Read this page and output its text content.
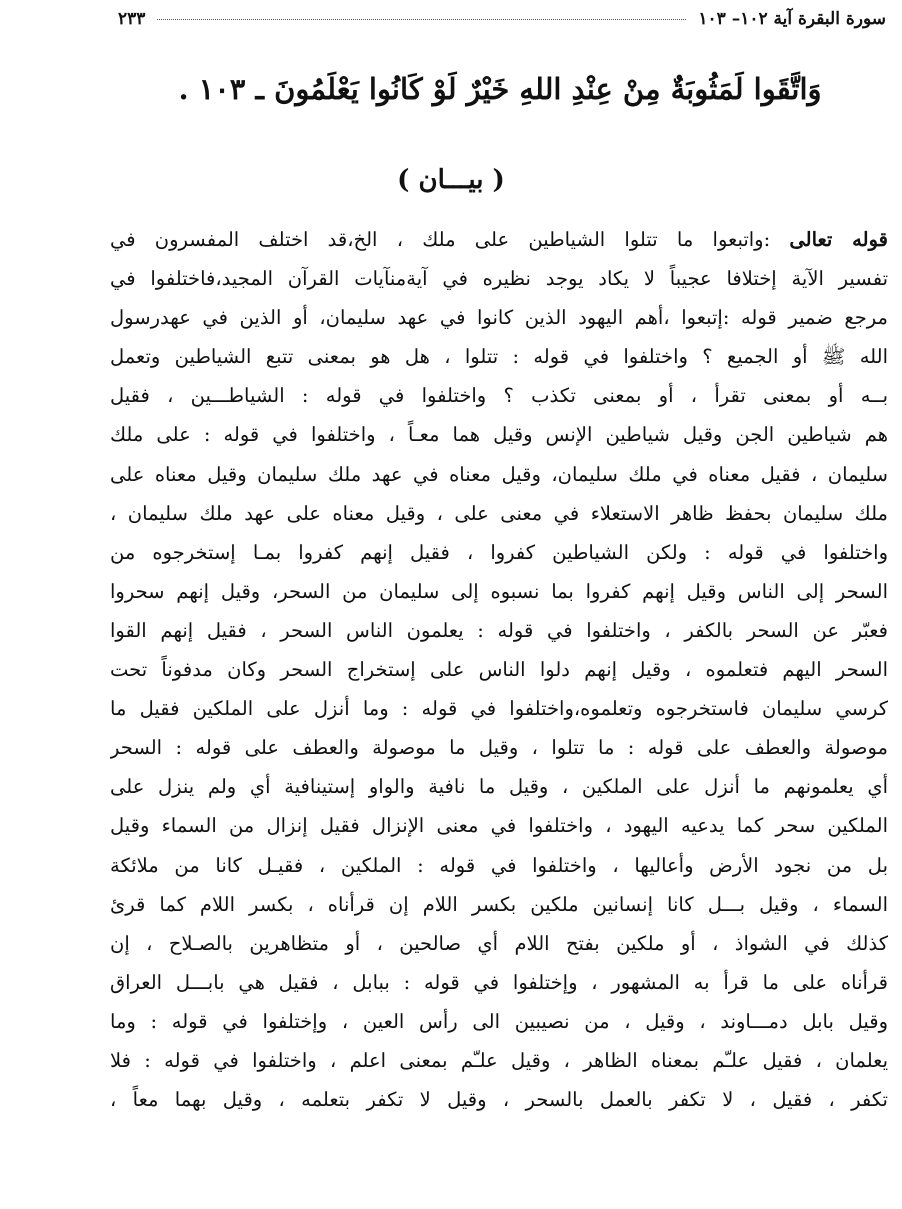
سورة البقرة آية ١٠٢– ١٠٣
٢٣٣
وَاتَّقَوا لَمَثُوبَةٌ مِنْ عِنْدِ اللهِ خَيْرٌ لَوْ كَانُوا يَعْلَمُونَ ـ ١٠٣ .
( بيـــان )
قوله تعالى :واتبعوا ما تتلوا الشياطين على ملك ، الخ،قد اختلف المفسرون في
تفسير الآية إختلافا عجيباً لا يكاد يوجد نظيره في آيةمنآيات القرآن المجيد،فاختلفوا في
مرجع ضمير قوله :إتبعوا ،أهم اليهود الذين كانوا في عهد سليمان، أو الذين في عهدرسول
الله ﷺ أو الجميع ؟ واختلفوا في قوله : تتلوا ، هل هو بمعنى تتبع الشياطين وتعمل
بــه أو بمعنى تقرأ ، أو بمعنى تكذب ؟ واختلفوا في قوله : الشياطـــين ، فقيل
هم شياطين الجن وقيل شياطين الإنس وقيل هما معـاً ، واختلفوا في قوله : على ملك
سليمان ، فقيل معناه في ملك سليمان، وقيل معناه في عهد ملك سليمان وقيل معناه على
ملك سليمان بحفظ ظاهر الاستعلاء في معنى على ، وقيل معناه على عهد ملك سليمان ،
واختلفوا في قوله : ولكن الشياطين كفروا ، فقيل إنهم كفروا بمـا إستخرجوه من
السحر إلى الناس وقيل إنهم كفروا بما نسبوه إلى سليمان من السحر، وقيل إنهم سحروا
فعبّر عن السحر بالكفر ، واختلفوا في قوله : يعلمون الناس السحر ، فقيل إنهم القوا
السحر اليهم فتعلموه ، وقيل إنهم دلوا الناس على إستخراج السحر وكان مدفوناً تحت
كرسي سليمان فاستخرجوه وتعلموه،واختلفوا في قوله : وما أنزل على الملكين فقيل ما
موصولة والعطف على قوله : ما تتلوا ، وقيل ما موصولة والعطف على قوله : السحر
أي يعلمونهم ما أنزل على الملكين ، وقيل ما نافية والواو إستينافية أي ولم ينزل على
الملكين سحر كما يدعيه اليهود ، واختلفوا في معنى الإنزال فقيل إنزال من السماء وقيل
بل من نجود الأرض وأعاليها ، واختلفوا في قوله : الملكين ، فقيـل كانا من ملائكة
السماء ، وقيل بـــل كانا إنسانين ملكين بكسر اللام إن قرأناه ، بكسر اللام كما قرئ
كذلك في الشواذ ، أو ملكين بفتح اللام أي صالحين ، أو متظاهرين بالصـلاح ، إن
قرأناه على ما قرأ به المشهور ، وإختلفوا في قوله : ببابل ، فقيل هي بابـــل العراق
وقيل بابل دمـــاوند ، وقيل ، من نصيبين الى رأس العين ، وإختلفوا في قوله : وما
يعلمان ، فقيل علـّم بمعناه الظاهر ، وقيل علـّم بمعنى اعلم ، واختلفوا في قوله : فلا
تكفر ، فقيل ، لا تكفر بالعمل بالسحر ، وقيل لا تكفر بتعلمه ، وقيل بهما معاً ،
